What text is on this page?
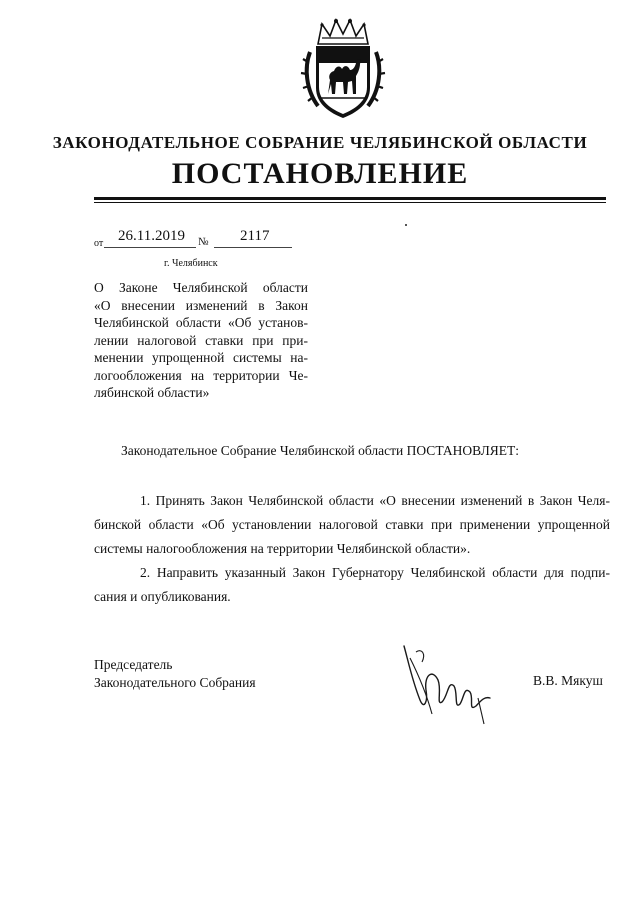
ЗАКОНОДАТЕЛЬНОЕ СОБРАНИЕ ЧЕЛЯБИНСКОЙ ОБЛАСТИ
ПОСТАНОВЛЕНИЕ
от 26.11.2019 № 2117
г. Челябинск
О Законе Челябинской области
«О внесении изменений в Закон
Челябинской области «Об установ-
лении налоговой ставки при при-
менении упрощенной системы на-
логообложения на территории Че-
лябинской области»
Законодательное Собрание Челябинской области ПОСТАНОВЛЯЕТ:
1. Принять Закон Челябинской области «О внесении изменений в Закон Челя-
бинской области «Об установлении налоговой ставки при применении упрощенной
системы налогообложения на территории Челябинской области».
2. Направить указанный Закон Губернатору Челябинской области для подпи-
сания и опубликования.
Председатель
Законодательного Собрания	В.В. Мякуш
